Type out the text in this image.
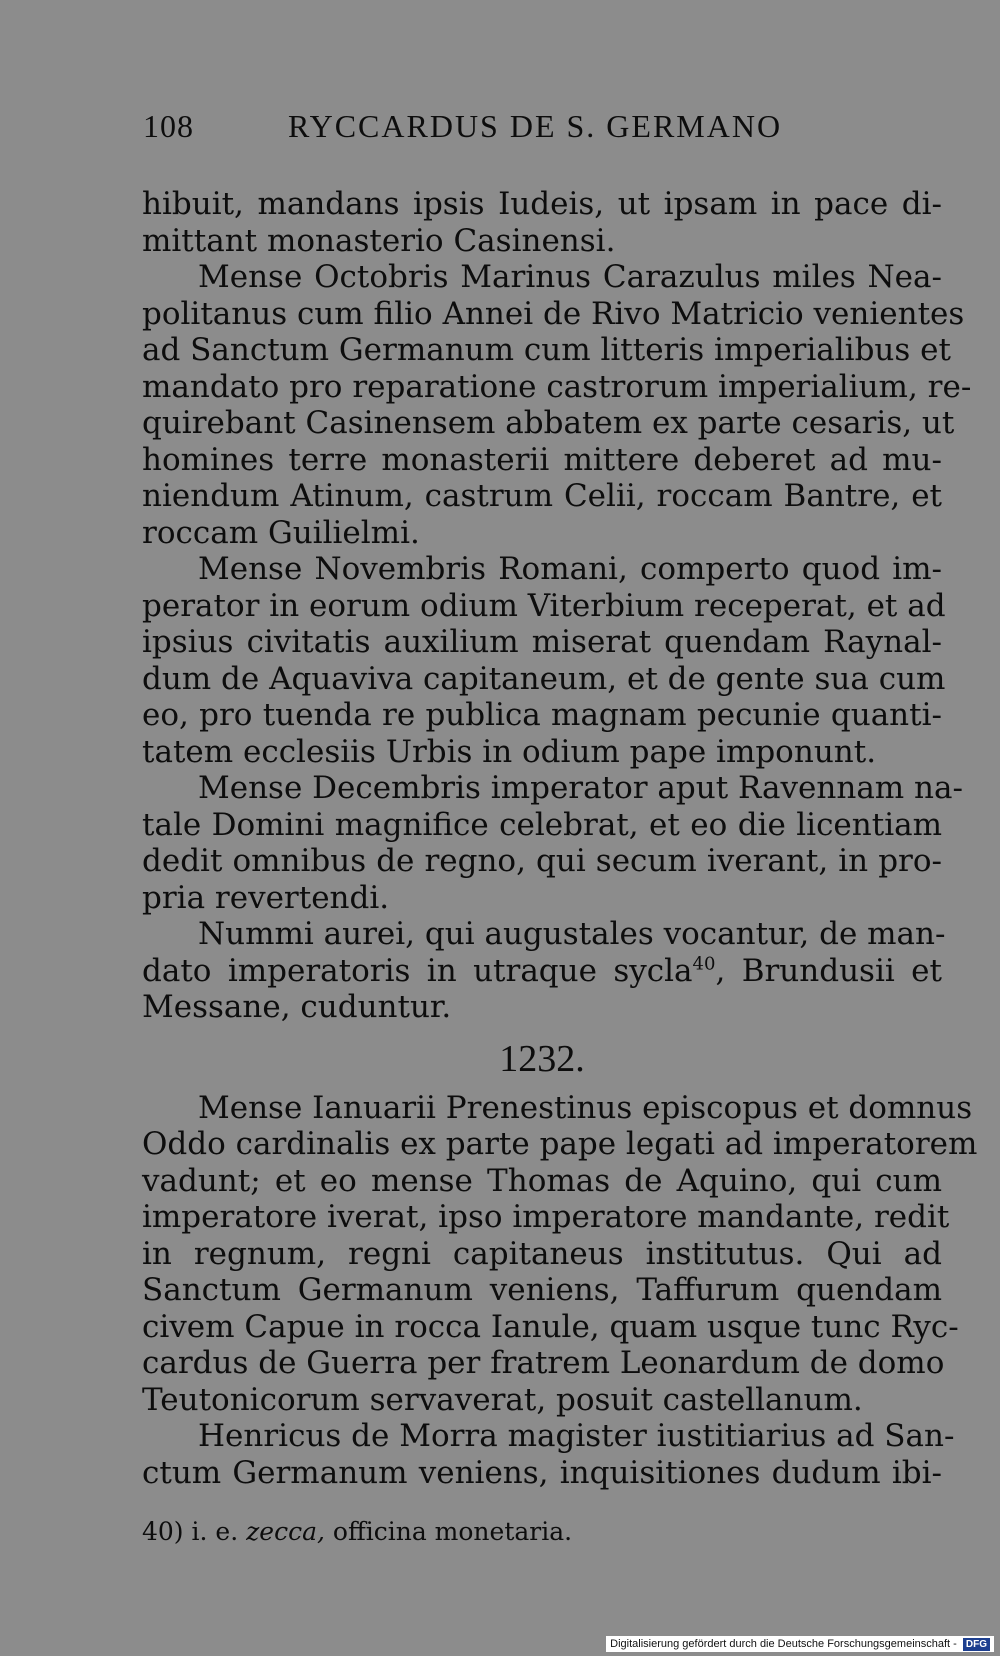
108	RYCCARDUS DE S. GERMANO
hibuit, mandans ipsis Iudeis, ut ipsam in pace di-
mittant monasterio Casinensi.
Mense Octobris Marinus Carazulus miles Nea-
politanus cum filio Annei de Rivo Matricio venientes
ad Sanctum Germanum cum litteris imperialibus et
mandato pro reparatione castrorum imperialium, re-
quirebant Casinensem abbatem ex parte cesaris, ut
homines terre monasterii mittere deberet ad mu-
niendum Atinum, castrum Celii, roccam Bantre, et
roccam Guilielmi.
Mense Novembris Romani, comperto quod im-
perator in eorum odium Viterbium receperat, et ad
ipsius civitatis auxilium miserat quendam Raynal-
dum de Aquaviva capitaneum, et de gente sua cum
eo, pro tuenda re publica magnam pecunie quanti-
tatem ecclesiis Urbis in odium pape imponunt.
Mense Decembris imperator aput Ravennam na-
tale Domini magnifice celebrat, et eo die licentiam
dedit omnibus de regno, qui secum iverant, in pro-
pria revertendi.
Nummi aurei, qui augustales vocantur, de man-
dato imperatoris in utraque sycla$^{40}$, Brundusii et
Messane, cuduntur.
1232.
Mense Ianuarii Prenestinus episcopus et domnus
Oddo cardinalis ex parte pape legati ad imperatorem
vadunt; et eo mense Thomas de Aquino, qui cum
imperatore iverat, ipso imperatore mandante, redit
in regnum, regni capitaneus institutus. Qui ad
Sanctum Germanum veniens, Taffurum quendam
civem Capue in rocca Ianule, quam usque tunc Ryc-
cardus de Guerra per fratrem Leonardum de domo
Teutonicorum servaverat, posuit castellanum.
Henricus de Morra magister iustitiarius ad San-
ctum Germanum veniens, inquisitiones dudum ibi-
40) i. e. zecca, officina monetaria.
Digitalisierung gefördert durch die Deutsche Forschungsgemeinschaft - DFG
